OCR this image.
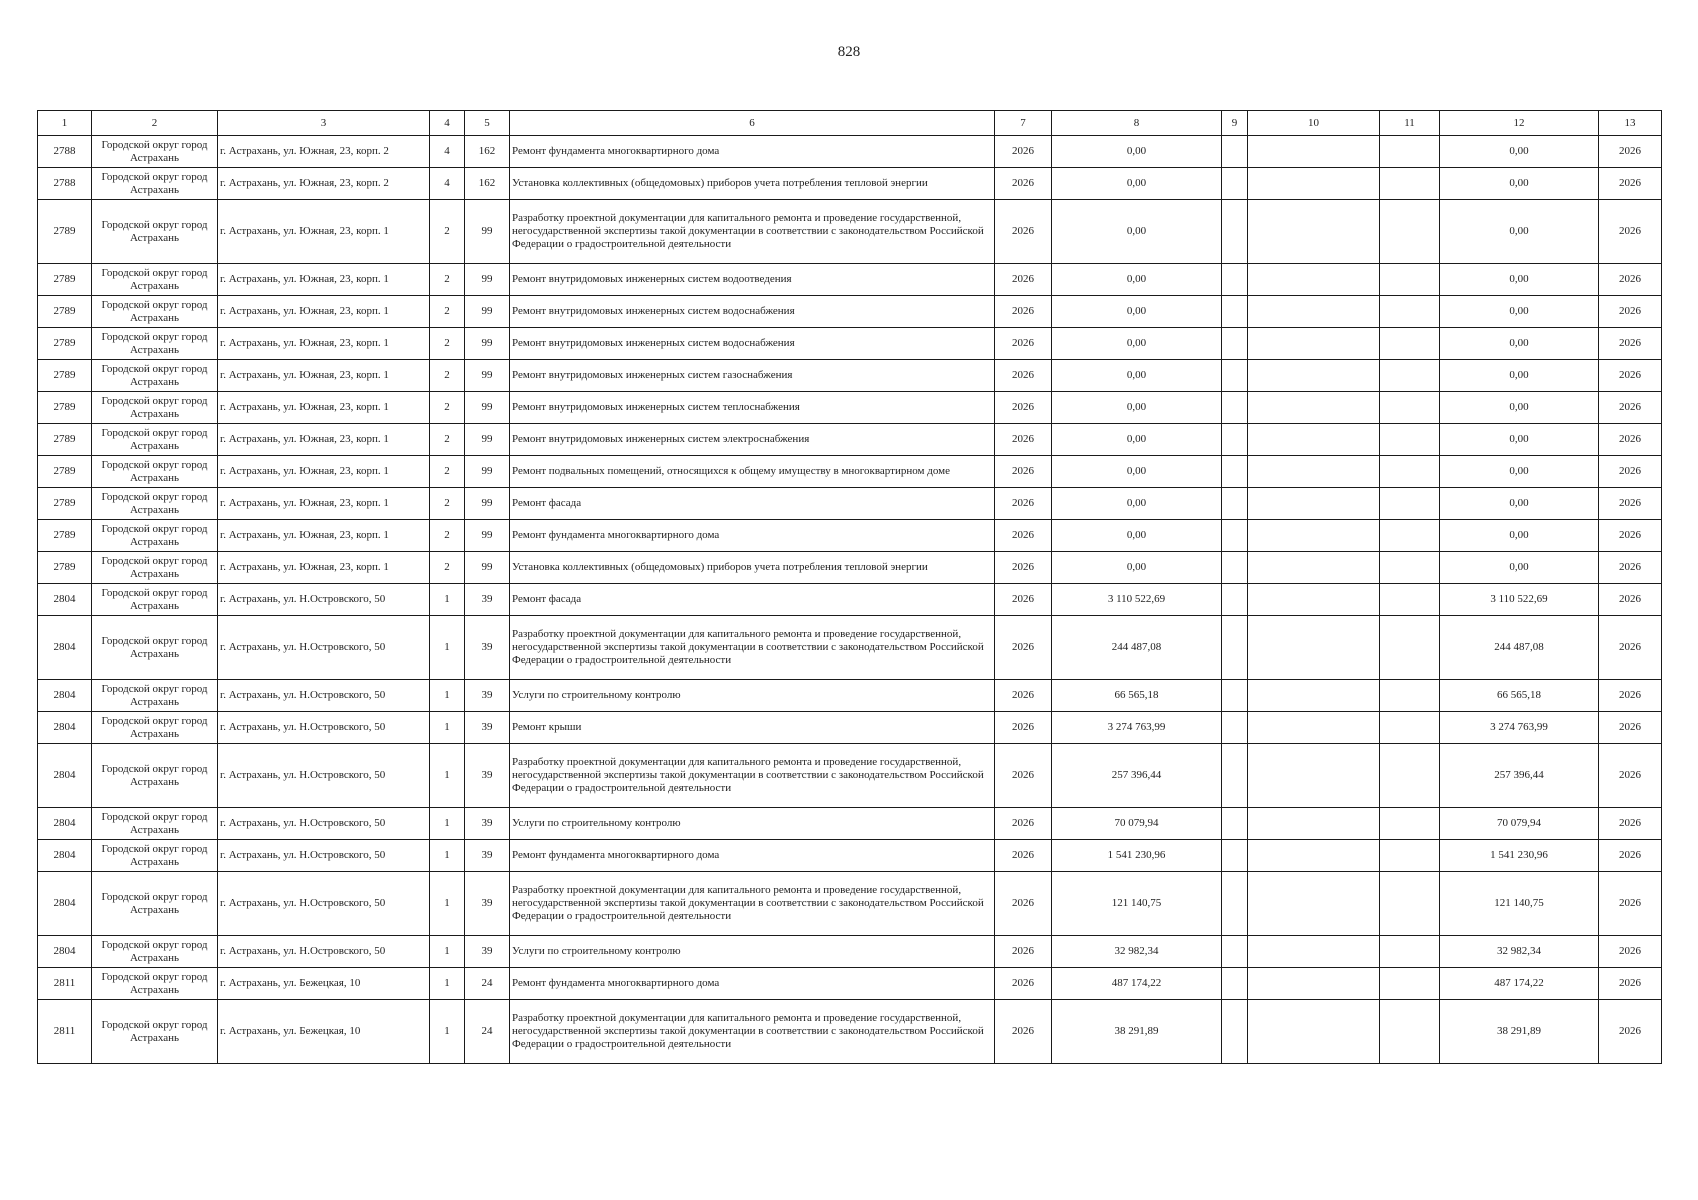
828
1	2	3	4	5	6	7	8	9	10	11	12	13
2788	Городской округ город Астрахань	г. Астрахань, ул. Южная, 23, корп. 2	4	162	Ремонт фундамента многоквартирного дома	2026	0,00				0,00	2026
2788	Городской округ город Астрахань	г. Астрахань, ул. Южная, 23, корп. 2	4	162	Установка коллективных (общедомовых) приборов учета потребления тепловой энергии	2026	0,00				0,00	2026
2789	Городской округ город Астрахань	г. Астрахань, ул. Южная, 23, корп. 1	2	99	Разработку проектной документации для капитального ремонта и проведение государственной, негосударственной экспертизы такой документации в соответствии с законодательством Российской Федерации о градостроительной деятельности	2026	0,00				0,00	2026
2789	Городской округ город Астрахань	г. Астрахань, ул. Южная, 23, корп. 1	2	99	Ремонт внутридомовых инженерных систем водоотведения	2026	0,00				0,00	2026
2789	Городской округ город Астрахань	г. Астрахань, ул. Южная, 23, корп. 1	2	99	Ремонт внутридомовых инженерных систем водоснабжения	2026	0,00				0,00	2026
2789	Городской округ город Астрахань	г. Астрахань, ул. Южная, 23, корп. 1	2	99	Ремонт внутридомовых инженерных систем водоснабжения	2026	0,00				0,00	2026
2789	Городской округ город Астрахань	г. Астрахань, ул. Южная, 23, корп. 1	2	99	Ремонт внутридомовых инженерных систем газоснабжения	2026	0,00				0,00	2026
2789	Городской округ город Астрахань	г. Астрахань, ул. Южная, 23, корп. 1	2	99	Ремонт внутридомовых инженерных систем теплоснабжения	2026	0,00				0,00	2026
2789	Городской округ город Астрахань	г. Астрахань, ул. Южная, 23, корп. 1	2	99	Ремонт внутридомовых инженерных систем электроснабжения	2026	0,00				0,00	2026
2789	Городской округ город Астрахань	г. Астрахань, ул. Южная, 23, корп. 1	2	99	Ремонт подвальных помещений, относящихся к общему имуществу в многоквартирном доме	2026	0,00				0,00	2026
2789	Городской округ город Астрахань	г. Астрахань, ул. Южная, 23, корп. 1	2	99	Ремонт фасада	2026	0,00				0,00	2026
2789	Городской округ город Астрахань	г. Астрахань, ул. Южная, 23, корп. 1	2	99	Ремонт фундамента многоквартирного дома	2026	0,00				0,00	2026
2789	Городской округ город Астрахань	г. Астрахань, ул. Южная, 23, корп. 1	2	99	Установка коллективных (общедомовых) приборов учета потребления тепловой энергии	2026	0,00				0,00	2026
2804	Городской округ город Астрахань	г. Астрахань, ул. Н.Островского, 50	1	39	Ремонт фасада	2026	3 110 522,69				3 110 522,69	2026
2804	Городской округ город Астрахань	г. Астрахань, ул. Н.Островского, 50	1	39	Разработку проектной документации для капитального ремонта и проведение государственной, негосударственной экспертизы такой документации в соответствии с законодательством Российской Федерации о градостроительной деятельности	2026	244 487,08				244 487,08	2026
2804	Городской округ город Астрахань	г. Астрахань, ул. Н.Островского, 50	1	39	Услуги по строительному контролю	2026	66 565,18				66 565,18	2026
2804	Городской округ город Астрахань	г. Астрахань, ул. Н.Островского, 50	1	39	Ремонт крыши	2026	3 274 763,99				3 274 763,99	2026
2804	Городской округ город Астрахань	г. Астрахань, ул. Н.Островского, 50	1	39	Разработку проектной документации для капитального ремонта и проведение государственной, негосударственной экспертизы такой документации в соответствии с законодательством Российской Федерации о градостроительной деятельности	2026	257 396,44				257 396,44	2026
2804	Городской округ город Астрахань	г. Астрахань, ул. Н.Островского, 50	1	39	Услуги по строительному контролю	2026	70 079,94				70 079,94	2026
2804	Городской округ город Астрахань	г. Астрахань, ул. Н.Островского, 50	1	39	Ремонт фундамента многоквартирного дома	2026	1 541 230,96				1 541 230,96	2026
2804	Городской округ город Астрахань	г. Астрахань, ул. Н.Островского, 50	1	39	Разработку проектной документации для капитального ремонта и проведение государственной, негосударственной экспертизы такой документации в соответствии с законодательством Российской Федерации о градостроительной деятельности	2026	121 140,75				121 140,75	2026
2804	Городской округ город Астрахань	г. Астрахань, ул. Н.Островского, 50	1	39	Услуги по строительному контролю	2026	32 982,34				32 982,34	2026
2811	Городской округ город Астрахань	г. Астрахань, ул. Бежецкая, 10	1	24	Ремонт фундамента многоквартирного дома	2026	487 174,22				487 174,22	2026
2811	Городской округ город Астрахань	г. Астрахань, ул. Бежецкая, 10	1	24	Разработку проектной документации для капитального ремонта и проведение государственной, негосударственной экспертизы такой документации в соответствии с законодательством Российской Федерации о градостроительной деятельности	2026	38 291,89				38 291,89	2026
